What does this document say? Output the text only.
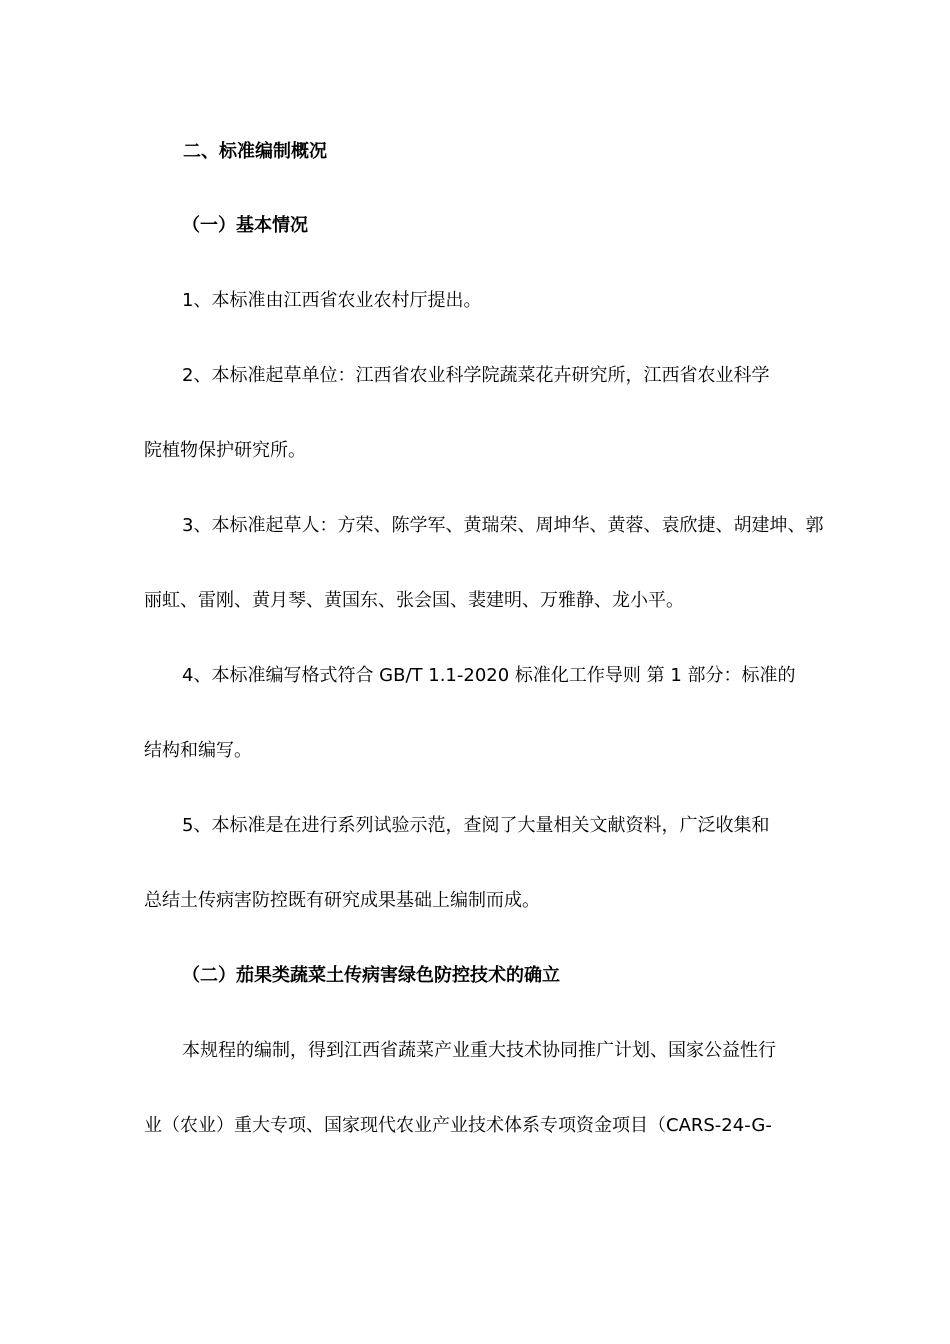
二、标准编制概况
（一）基本情况
1、本标准由江西省农业农村厅提出。
2、本标准起草单位：江西省农业科学院蔬菜花卉研究所，江西省农业科学
院植物保护研究所。
3、本标准起草人：方荣、陈学军、黄瑞荣、周坤华、黄蓉、袁欣捷、胡建坤、郭
丽虹、雷刚、黄月琴、黄国东、张会国、裴建明、万雅静、龙小平。
4、本标准编写格式符合 GB/T 1.1-2020 标准化工作导则 第 1 部分：标准的
结构和编写。
5、本标准是在进行系列试验示范，查阅了大量相关文献资料，广泛收集和
总结土传病害防控既有研究成果基础上编制而成。
（二）茄果类蔬菜土传病害绿色防控技术的确立
本规程的编制，得到江西省蔬菜产业重大技术协同推广计划、国家公益性行
业（农业）重大专项、国家现代农业产业技术体系专项资金项目（CARS-24-G-
